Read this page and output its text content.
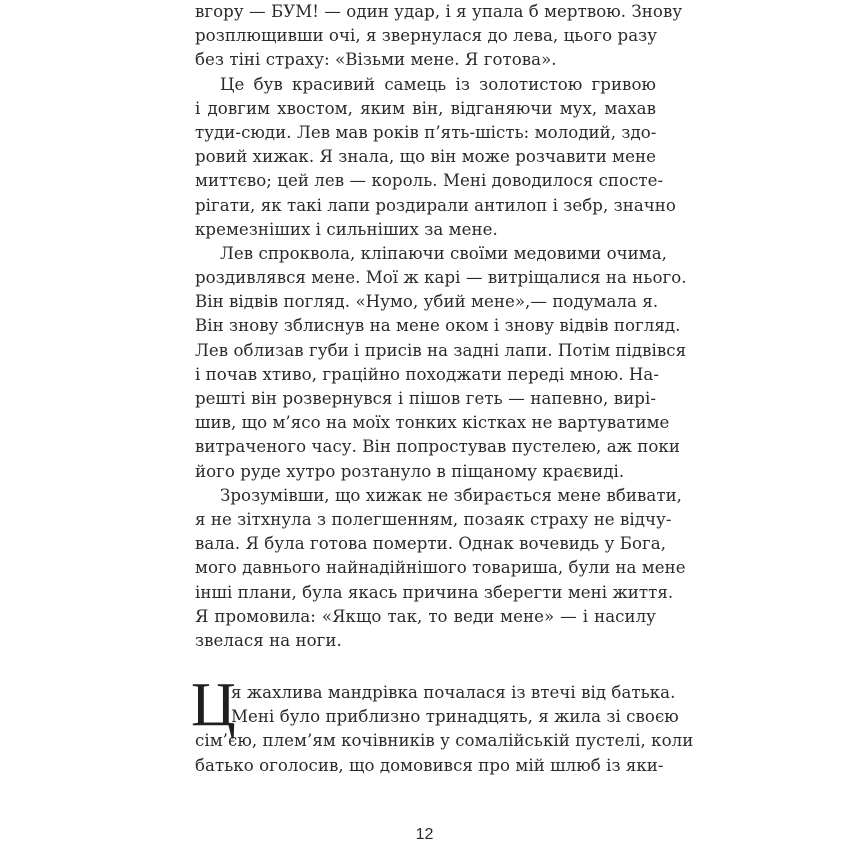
вгору — БУМ! — один удар, і я упала б мертвою. Знову
розплющивши очі, я звернулася до лева, цього разу
без тіні страху: «Візьми мене. Я готова».
Це був красивий самець із золотистою гривою
і довгим хвостом, яким він, відганяючи мух, махав
туди-сюди. Лев мав років п’ять-шість: молодий, здо-
ровий хижак. Я знала, що він може розчавити мене
миттєво; цей лев — король. Мені доводилося спосте-
рігати, як такі лапи роздирали антилоп і зебр, значно
кремезніших і сильніших за мене.
Лев спроквола, кліпаючи своїми медовими очима,
роздивлявся мене. Мої ж карі — витріщалися на нього.
Він відвів погляд. «Нумо, убий мене»,— подумала я.
Він знову зблиснув на мене оком і знову відвів погляд.
Лев облизав губи і присів на задні лапи. Потім підвівся
і почав хтиво, граційно походжати переді мною. На-
решті він розвернувся і пішов геть — напевно, вирі-
шив, що м’ясо на моїх тонких кістках не вартуватиме
витраченого часу. Він попростував пустелею, аж поки
його руде хутро розтануло в піщаному краєвиді.
Зрозумівши, що хижак не збирається мене вбивати,
я не зітхнула з полегшенням, позаяк страху не відчу-
вала. Я була готова померти. Однак вочевидь у Бога,
мого давнього найнадійнішого товариша, були на мене
інші плани, була якась причина зберегти мені життя.
Я промовила: «Якщо так, то веди мене» — і насилу
звелася на ноги.
Ц
я жахлива мандрівка почалася із втечі від батька.
Мені було приблизно тринадцять, я жила зі своєю
сім’єю, плем’ям кочівників у сомалійській пустелі, коли
батько оголосив, що домовився про мій шлюб із яки-
12
